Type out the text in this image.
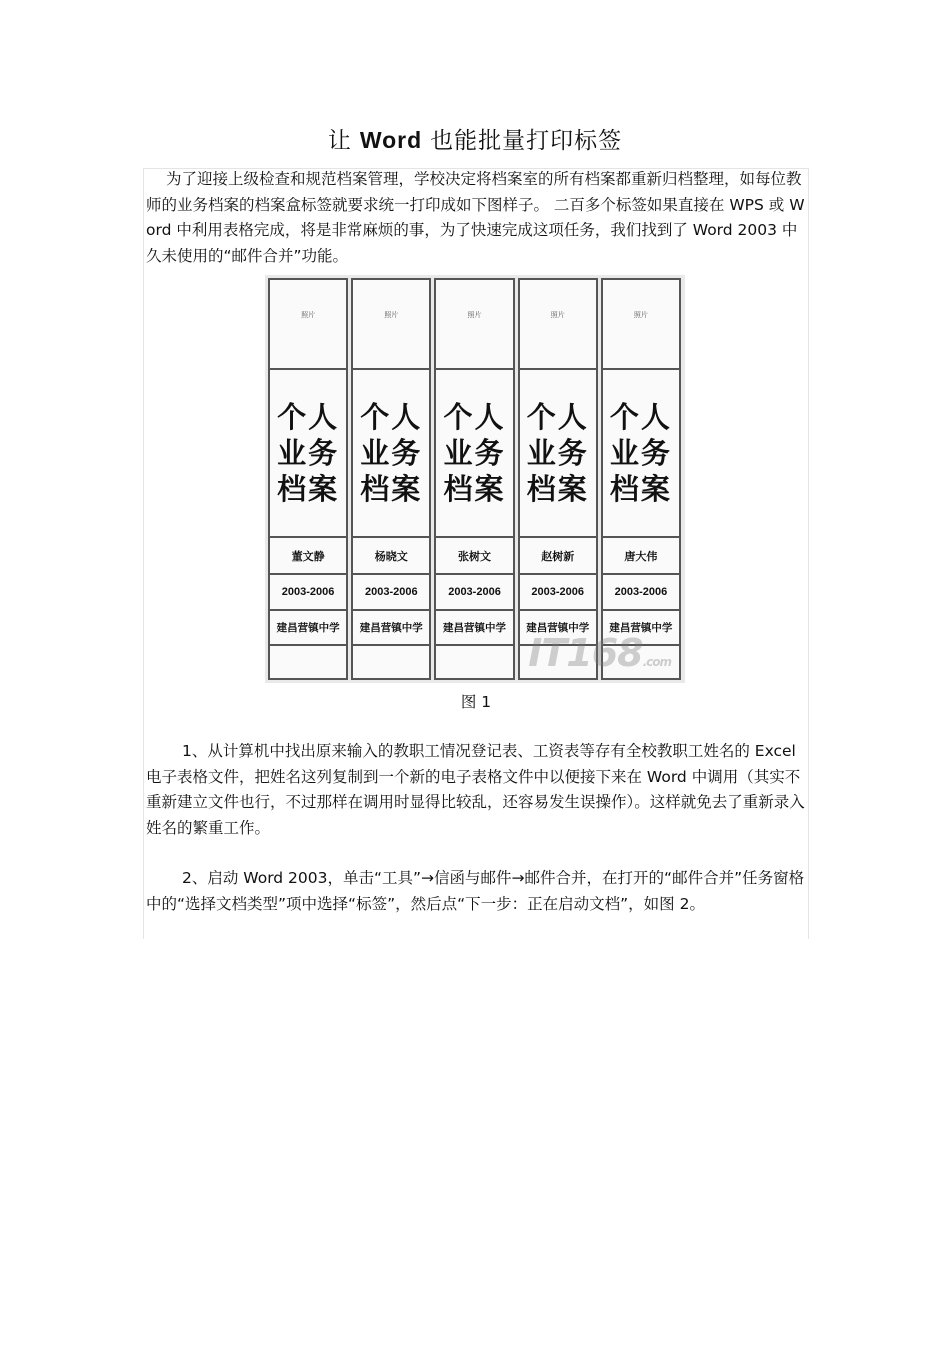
让 Word 也能批量打印标签

为了迎接上级检查和规范档案管理，学校决定将档案室的所有档案都重新归档整理，如每位教师的业务档案的档案盒标签就要求统一打印成如下图样子。 二百多个标签如果直接在 WPS 或 Word 中利用表格完成，将是非常麻烦的事，为了快速完成这项任务，我们找到了 Word 2003 中久未使用的“邮件合并”功能。

照片
个人
业务
档案
董文静
2003-2006
建昌营镇中学
照片
个人
业务
档案
杨晓文
2003-2006
建昌营镇中学
照片
个人
业务
档案
张树文
2003-2006
建昌营镇中学
照片
个人
业务
档案
赵树新
2003-2006
建昌营镇中学
照片
个人
业务
档案
唐大伟
2003-2006
建昌营镇中学
IT168.com
图 1

1、从计算机中找出原来输入的教职工情况登记表、工资表等存有全校教职工姓名的 Excel 电子表格文件，把姓名这列复制到一个新的电子表格文件中以便接下来在 Word 中调用（其实不重新建立文件也行，不过那样在调用时显得比较乱，还容易发生误操作）。这样就免去了重新录入姓名的繁重工作。

2、启动 Word 2003，单击“工具”→信函与邮件→邮件合并，在打开的“邮件合并”任务窗格中的“选择文档类型”项中选择“标签”，然后点“下一步：正在启动文档”，如图 2。
